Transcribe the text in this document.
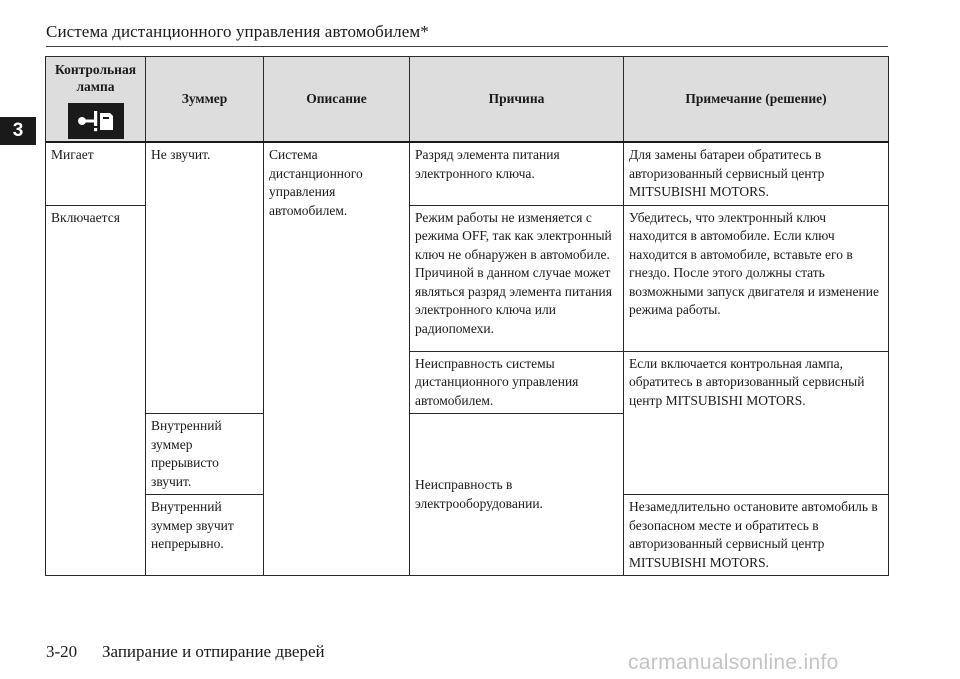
Система дистанционного управления автомобилем*
3
Контрольная лампа	Зуммер	Описание	Причина	Примечание (решение)
Мигает	Не звучит.	Система дистанционного управления автомобилем.	Разряд элемента питания электронного ключа.	Для замены батареи обратитесь в авторизованный сервисный центр MITSUBISHI MOTORS.
Включается			Режим работы не изменяется с режима OFF, так как электронный ключ не обнаружен в автомобиле. Причиной в данном случае может являться разряд элемента питания электронного ключа или радиопомехи.	Убедитесь, что электронный ключ находится в автомобиле. Если ключ находится в автомобиле, вставьте его в гнездо. После этого должны стать возможными запуск двигателя и изменение режима работы.
			Неисправность системы дистанционного управления автомобилем.	Если включается контрольная лампа, обратитесь в авторизованный сервисный центр MITSUBISHI MOTORS.
	Внутренний зуммер прерывисто звучит.		Неисправность в электрооборудовании.	
	Внутренний зуммер звучит непрерывно.			Незамедлительно остановите автомобиль в безопасном месте и обратитесь в авторизованный сервисный центр MITSUBISHI MOTORS.
3-20 Запирание и отпирание дверей	carmanualsonline.info
